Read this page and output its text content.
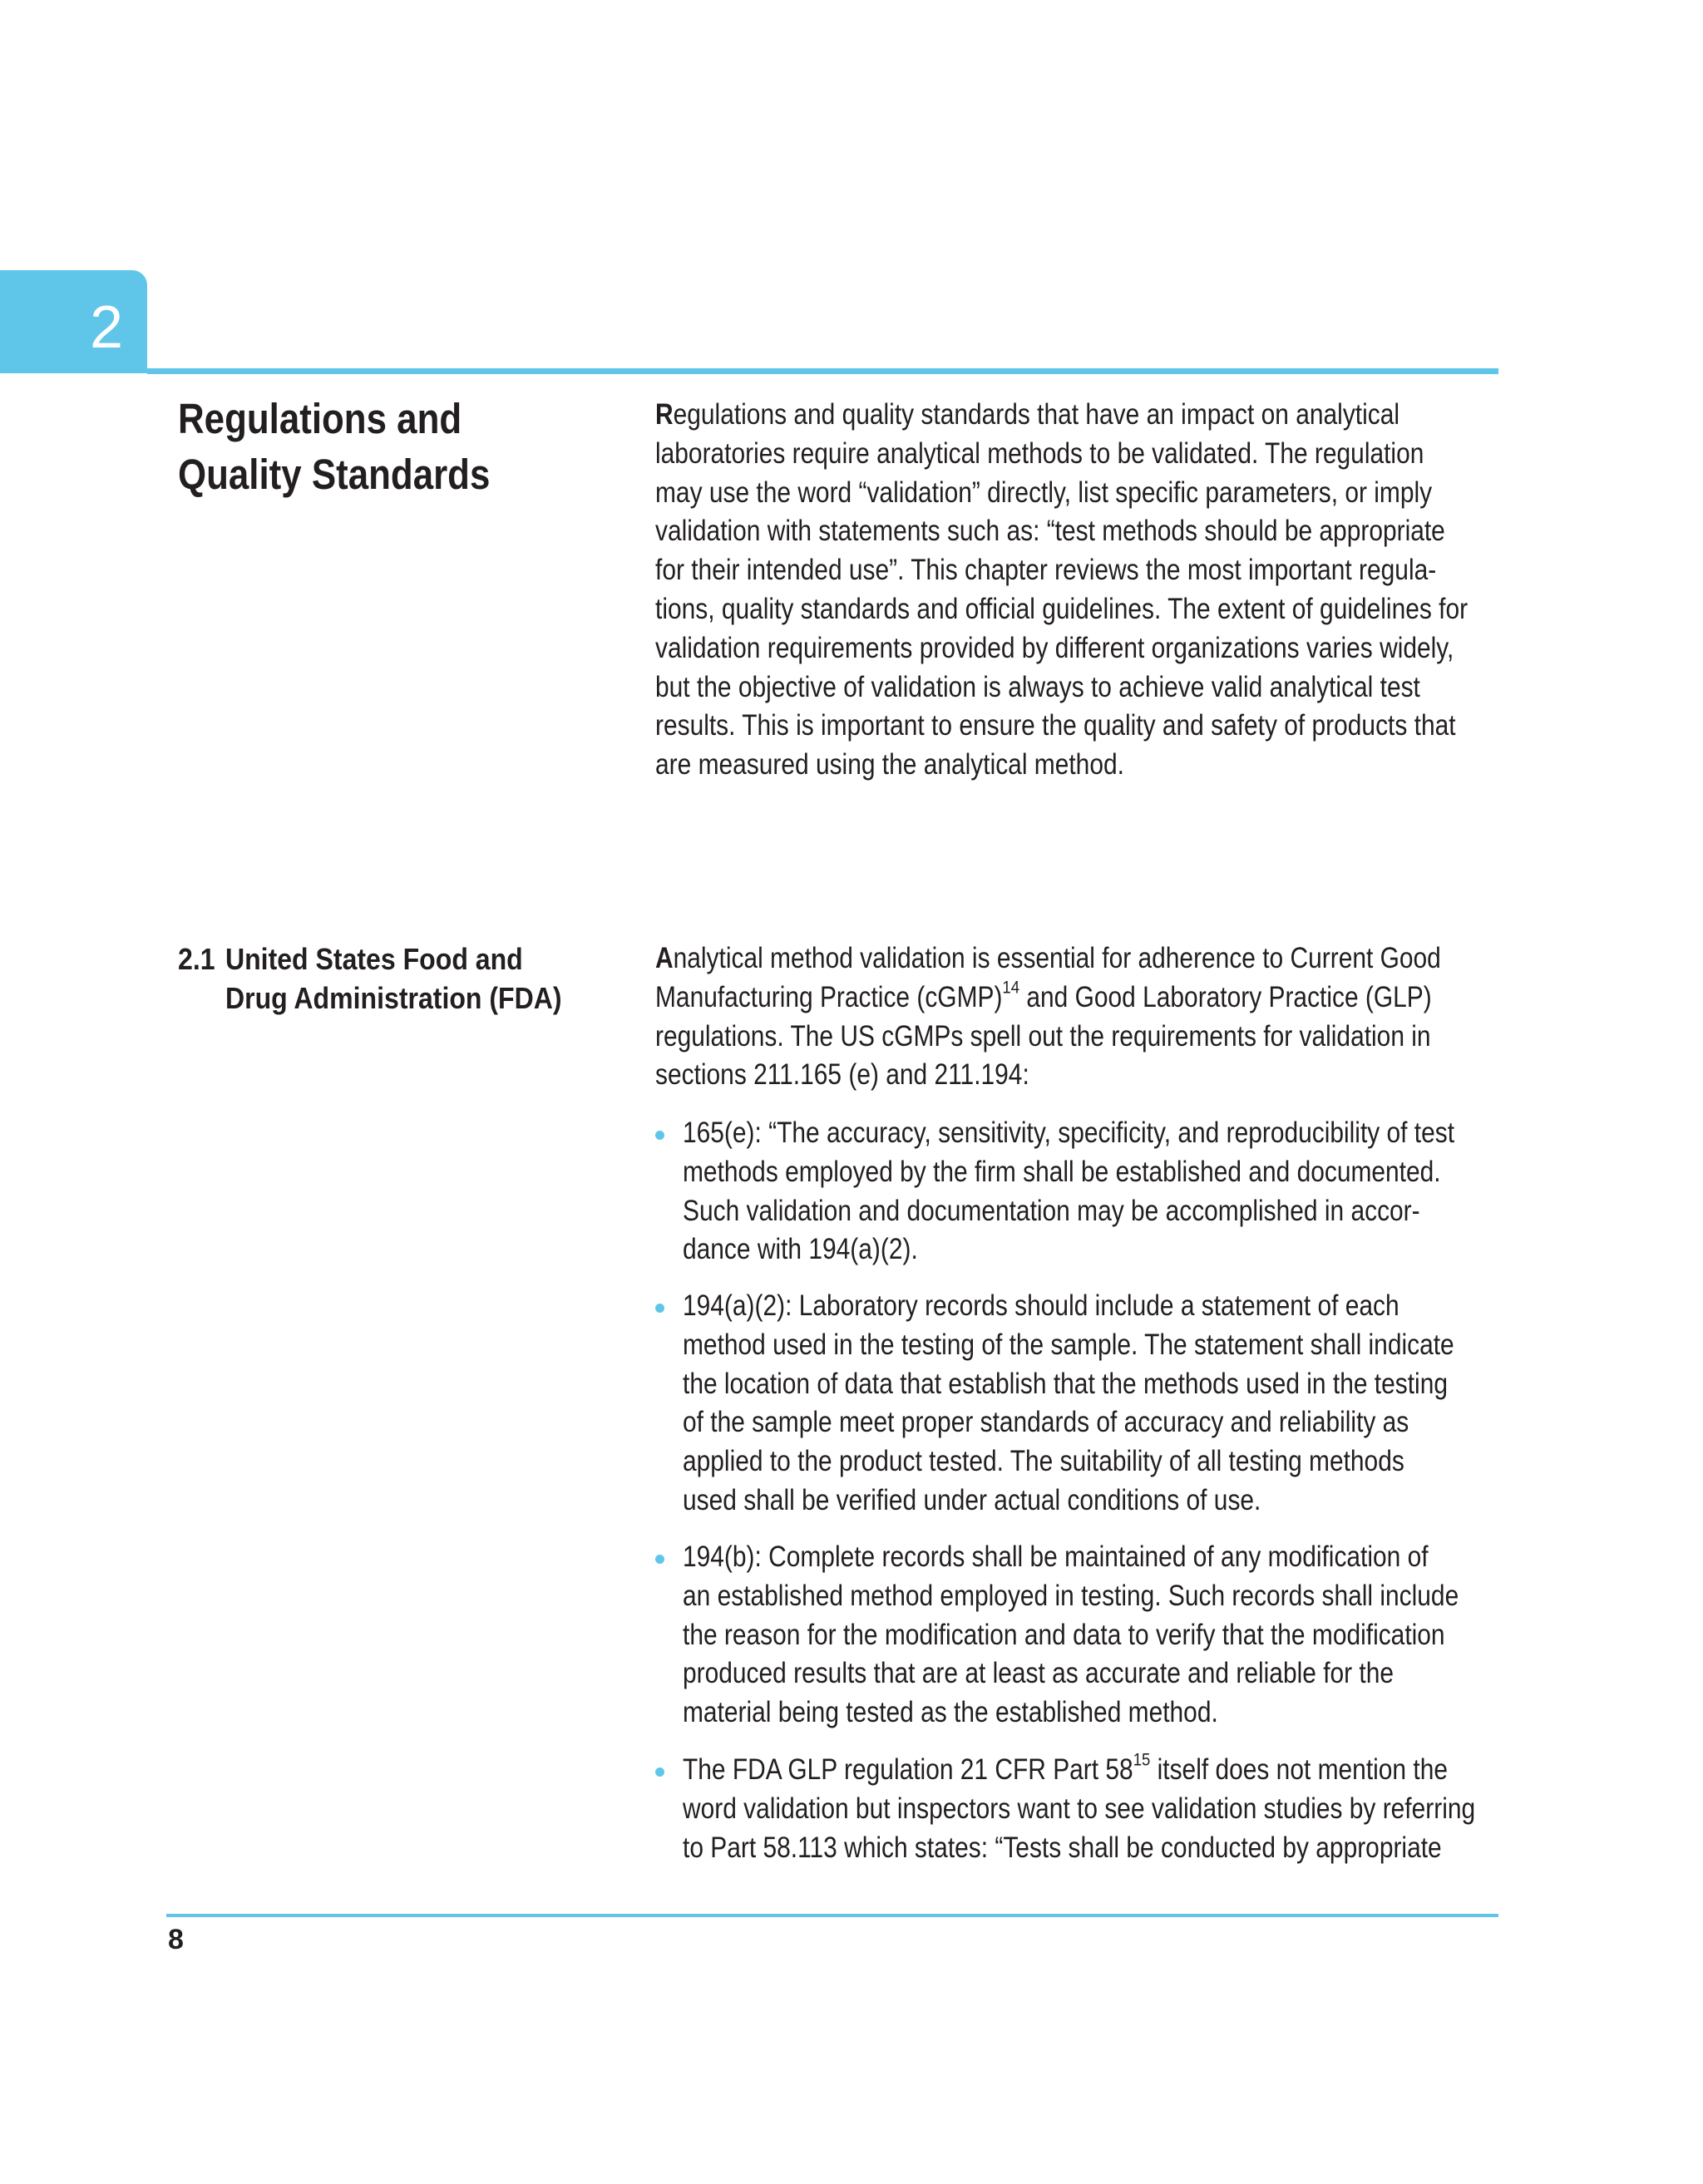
2
Regulations and
Quality Standards
Regulations and quality standards that have an impact on analytical
laboratories require analytical methods to be validated. The regulation
may use the word “validation” directly, list specific parameters, or imply
validation with statements such as: “test methods should be appropriate
for their intended use”. This chapter reviews the most important regula-
tions, quality standards and official guidelines. The extent of guidelines for
validation requirements provided by different organizations varies widely,
but the objective of validation is always to achieve valid analytical test
results. This is important to ensure the quality and safety of products that
are measured using the analytical method.
2.1 United States Food and
Drug Administration (FDA)
Analytical method validation is essential for adherence to Current Good
Manufacturing Practice (cGMP)$^{14}$ and Good Laboratory Practice (GLP)
regulations. The US cGMPs spell out the requirements for validation in
sections 211.165 (e) and 211.194:
165(e): “The accuracy, sensitivity, specificity, and reproducibility of test
methods employed by the firm shall be established and documented.
Such validation and documentation may be accomplished in accor-
dance with 194(a)(2).
194(a)(2): Laboratory records should include a statement of each
method used in the testing of the sample. The statement shall indicate
the location of data that establish that the methods used in the testing
of the sample meet proper standards of accuracy and reliability as
applied to the product tested. The suitability of all testing methods
used shall be verified under actual conditions of use.
194(b): Complete records shall be maintained of any modification of
an established method employed in testing. Such records shall include
the reason for the modification and data to verify that the modification
produced results that are at least as accurate and reliable for the
material being tested as the established method.
The FDA GLP regulation 21 CFR Part $58^{15}$ itself does not mention the
word validation but inspectors want to see validation studies by referring
to Part 58.113 which states: “Tests shall be conducted by appropriate
8
